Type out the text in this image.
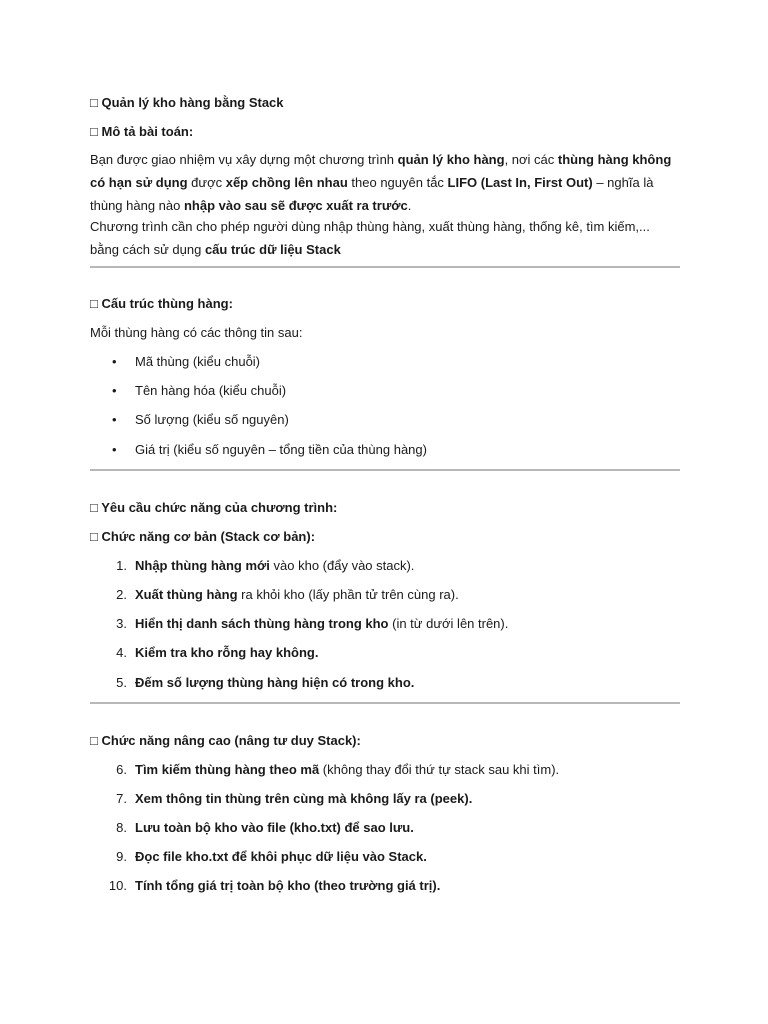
□ Quản lý kho hàng bằng Stack
□ Mô tả bài toán:
Bạn được giao nhiệm vụ xây dựng một chương trình quản lý kho hàng, nơi các thùng hàng không có hạn sử dụng được xếp chồng lên nhau theo nguyên tắc LIFO (Last In, First Out) – nghĩa là thùng hàng nào nhập vào sau sẽ được xuất ra trước.
Chương trình cần cho phép người dùng nhập thùng hàng, xuất thùng hàng, thống kê, tìm kiếm,... bằng cách sử dụng cấu trúc dữ liệu Stack
□ Cấu trúc thùng hàng:
Mỗi thùng hàng có các thông tin sau:
• Mã thùng (kiểu chuỗi)
• Tên hàng hóa (kiểu chuỗi)
• Số lượng (kiểu số nguyên)
• Giá trị (kiểu số nguyên – tổng tiền của thùng hàng)
□ Yêu cầu chức năng của chương trình:
□ Chức năng cơ bản (Stack cơ bản):
1. Nhập thùng hàng mới vào kho (đẩy vào stack).
2. Xuất thùng hàng ra khỏi kho (lấy phần tử trên cùng ra).
3. Hiển thị danh sách thùng hàng trong kho (in từ dưới lên trên).
4. Kiểm tra kho rỗng hay không.
5. Đếm số lượng thùng hàng hiện có trong kho.
□ Chức năng nâng cao (nâng tư duy Stack):
6. Tìm kiếm thùng hàng theo mã (không thay đổi thứ tự stack sau khi tìm).
7. Xem thông tin thùng trên cùng mà không lấy ra (peek).
8. Lưu toàn bộ kho vào file (kho.txt) để sao lưu.
9. Đọc file kho.txt để khôi phục dữ liệu vào Stack.
10. Tính tổng giá trị toàn bộ kho (theo trường giá trị).
